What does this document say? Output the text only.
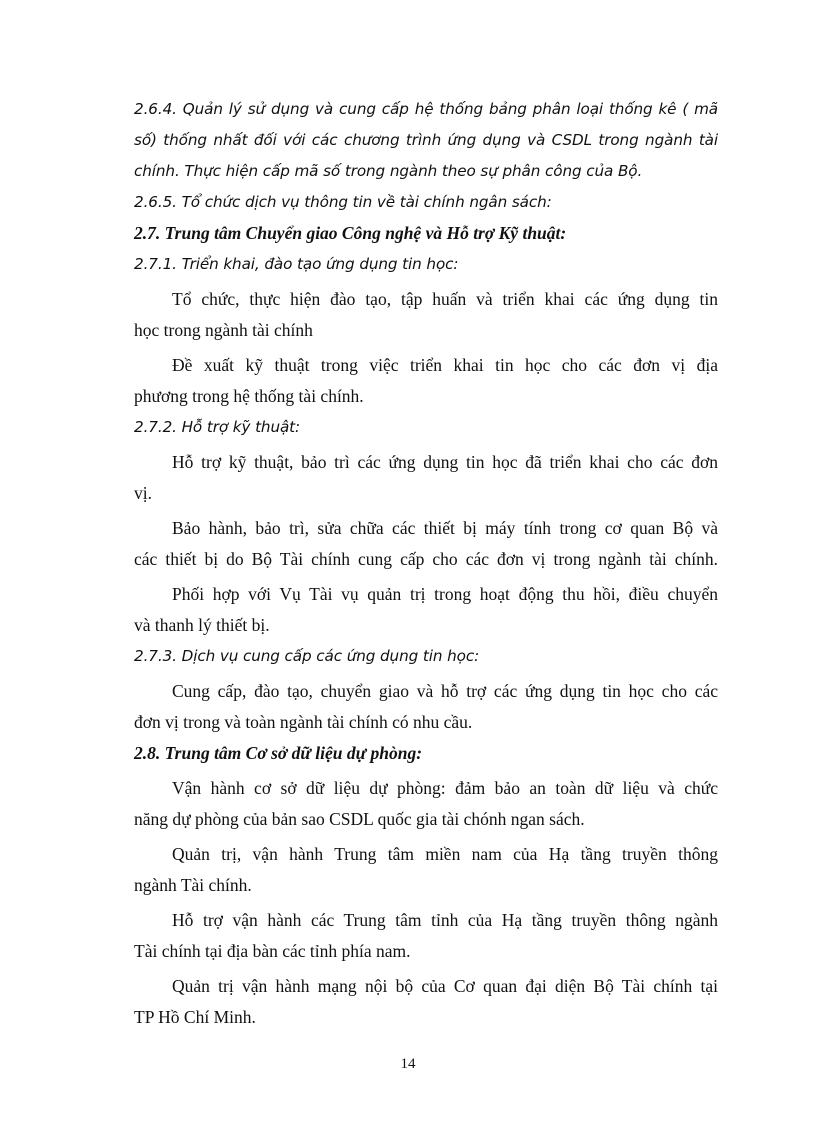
2.6.4. Quản lý sử dụng và cung cấp hệ thống bảng phân loại thống kê ( mã

số) thống nhất đối với các chương trình ứng dụng và CSDL trong ngành tài

chính. Thực hiện cấp mã số trong ngành theo sự phân công của Bộ.

2.6.5. Tổ chức dịch vụ thông tin về tài chính ngân sách:

2.7. Trung tâm Chuyển giao Công nghệ và Hỗ trợ Kỹ thuật:

2.7.1. Triển khai, đào tạo ứng dụng tin học:

Tổ chức, thực hiện đào tạo, tập huấn và triển khai các ứng dụng tin

học trong ngành tài chính

Đề xuất kỹ thuật trong việc triển khai tin học cho các đơn vị địa

phương trong hệ thống tài chính.

2.7.2. Hỗ trợ kỹ thuật:

Hỗ trợ kỹ thuật, bảo trì các ứng dụng tin học đã triển khai cho các đơn

vị.

Bảo hành, bảo trì, sửa chữa các thiết bị máy tính trong cơ quan Bộ và

các thiết bị do Bộ Tài chính cung cấp cho các đơn vị trong ngành tài chính.

Phối hợp với Vụ Tài vụ quản trị trong hoạt động thu hồi, điều chuyển

và thanh lý thiết bị.

2.7.3. Dịch vụ cung cấp các ứng dụng tin học:

Cung cấp, đào tạo, chuyển giao và hỗ trợ các ứng dụng tin học cho các

đơn vị trong và toàn ngành tài chính có nhu cầu.

2.8. Trung tâm Cơ sở dữ liệu dự phòng:

Vận hành cơ sở dữ liệu dự phòng: đảm bảo an toàn dữ liệu và chức

năng dự phòng của bản sao CSDL quốc gia tài chónh ngan sách.

Quản trị, vận hành Trung tâm miền nam của Hạ tầng truyền thông

ngành Tài chính.

Hỗ trợ vận hành các Trung tâm tỉnh của Hạ tầng truyền thông ngành

Tài chính tại địa bàn các tỉnh phía nam.

Quản trị vận hành mạng nội bộ của Cơ quan đại diện Bộ Tài chính tại

TP Hồ Chí Minh.

14
